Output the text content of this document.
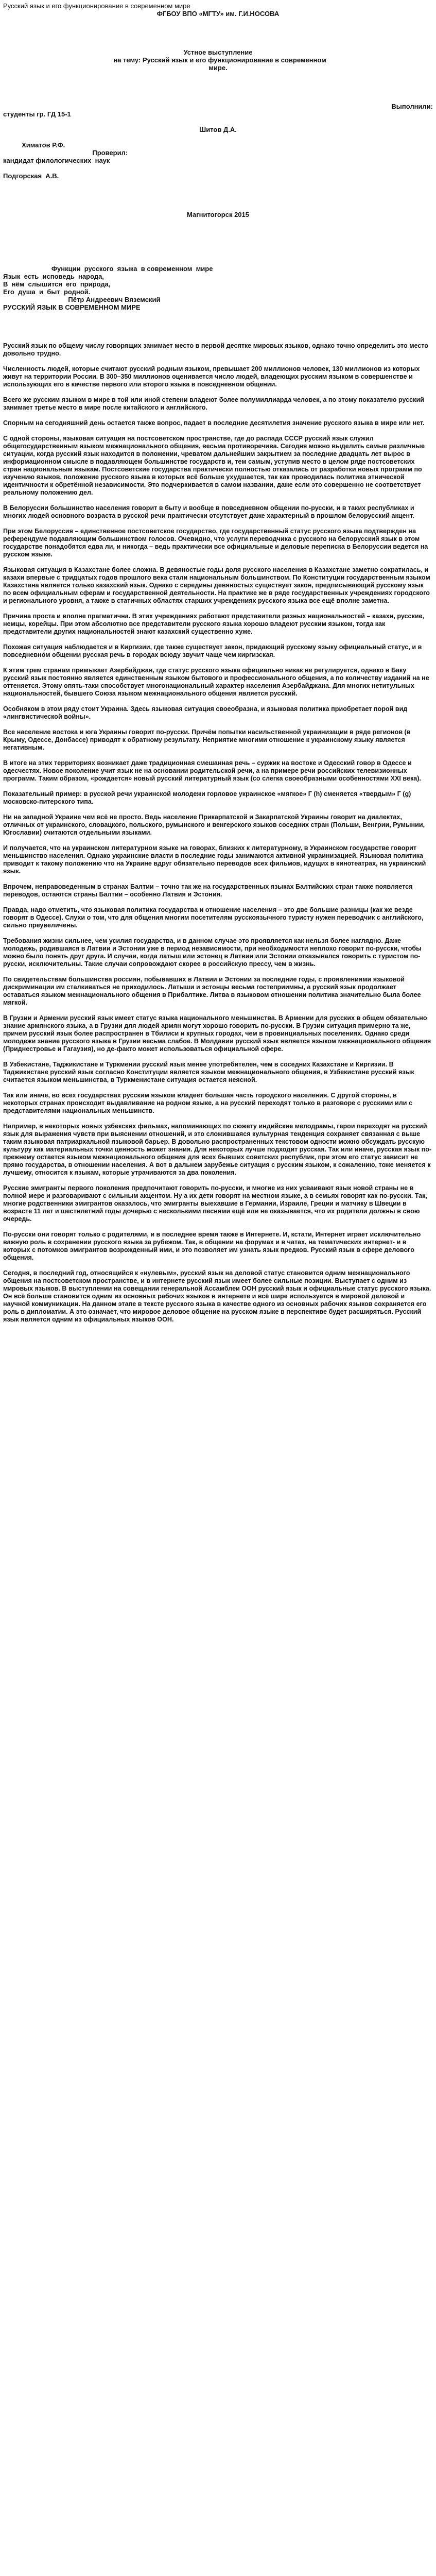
Русский язык и его функционирование в современном мире
ФГБОУ ВПО «МГТУ» им. Г.И.НОСОВА
Устное выступление
на тему: Русский язык и его функционирование в современном
мире.
Выполнили:
студенты гр. ГД 15-1
Шитов Д.А.
Химатов Р.Ф.
Проверил:
кандидат филологических  наук
Подгорская  А.В.
Магнитогорск 2015
Функции  русского  языка  в современном  мире
Язык  есть  исповедь  народа,
В  нём  слышится  его  природа,
Его  душа  и  быт  родной.
Пётр Андреевич Вяземский
РУССКИЙ ЯЗЫК В СОВРЕМЕННОМ МИРЕ
Русский язык по общему числу говорящих занимает место в первой десятке мировых языков, однако точно определить это место довольно трудно.
Численность людей, которые считают русский родным языком, превышает 200 миллионов человек, 130 миллионов из которых живут на территории России. В 300–350 миллионов оценивается число людей, владеющих русским языком в совершенстве и использующих его в качестве первого или второго языка в повседневном общении.
Всего же русским языком в мире в той или иной степени владеют более полумиллиарда человек, а по этому показателю русский занимает третье место в мире после китайского и английского.
Спорным на сегодняшний день остается также вопрос, падает в последние десятилетия значение русского языка в мире или нет.
С одной стороны, языковая ситуация на постсоветском пространстве, где до распада СССР русский язык служил общегосударственным языком межнационального общения, весьма противоречива. Сегодня можно выделить самые различные ситуации, когда русский язык находится в положении, чреватом дальнейшим закрытием за последние двадцать лет вырос в информационном смысле в подавляющем большинстве государств и, тем самым, уступив место в целом ряде постсоветских стран национальным языкам. Постсоветские государства практически полностью отказались от разработки новых программ по изучению языков, положение русского языка в которых всё больше ухудшается, так как проводилась политика этнической идентичности к обретённой независимости. Это подчеркивается в самом названии, даже если это совершенно не соответствует реальному положению дел.
В Белоруссии большинство населения говорит в быту и вообще в повседневном общении по-русски, и в таких республиках и многих людей основного возраста в русской речи практически отсутствует даже характерный в прошлом белорусский акцент.
При этом Белоруссия – единственное постсоветское государство, где государственный статус русского языка подтвержден на референдуме подавляющим большинством голосов. Очевидно, что услуги переводчика с русского на белорусский язык в этом государстве понадобятся едва ли, и никогда – ведь практически все официальные и деловые переписка в Белоруссии ведется на русском языке.
Языковая ситуация в Казахстане более сложна. В девяностые годы доля русского населения в Казахстане заметно сократилась, и казахи впервые с тридцатых годов прошлого века стали национальным большинством. По Конституции государственным языком Казахстана является только казахский язык. Однако с середины девяностых существует закон, предписывающий русскому язык по всем официальным сферам и государственной деятельности. На практике же в ряде государственных учреждениях городского и регионального уровня, а также в статичных областях старших учреждениях русского языка все ещё вполне заметна.
Причина проста и вполне прагматична. В этих учреждениях работают представители разных национальностей – казахи, русские, немцы, корейцы. При этом абсолютно все представители русского языка хорошо владеют русским языком, тогда как представители других национальностей знают казахский существенно хуже.
Похожая ситуация наблюдается и в Киргизии, где также существует закон, придающий русскому языку официальный статус, и в повседневном общении русская речь в городах всюду звучит чаще чем киргизская.
К этим трем странам примыкает Азербайджан, где статус русского языка официально никак не регулируется, однако в Баку русский язык постоянно является единственным языком бытового и профессионального общения, а по количеству изданий на не оттеняется. Этому опять-таки способствует многонациональный характер населения Азербайджана. Для многих нетитульных национальностей, бывшего Союза языком межнационального общения является русский.
Особняком в этом ряду стоит Украина. Здесь языковая ситуация своеобразна, и языковая политика приобретает порой вид «лингвистической войны».
Все население востока и юга Украины говорит по-русски. Причём попытки насильственной украинизации в ряде регионов (в Крыму, Одессе, Донбассе) приводят к обратному результату. Неприятие многими отношение к украинскому языку является негативным.
В итоге на этих территориях возникает даже традиционная смешанная речь – суржик на востоке и Одесский говор в Одессе и одесчестях. Новое поколение учит язык не на основании родительской речи, а на примере речи российских телевизионных программ. Таким образом, «рождается» новый русский литературный язык (со слегка своеобразными особенностями ХХI века).
Показательный пример: в русской речи украинской молодежи горловое украинское «мягкое» Г (h) сменяется «твердым» Г (g) московско-питерского типа.
Ни на западной Украине чем всё не просто. Ведь население Прикарпатской и Закарпатской Украины говорит на диалектах, отличных от украинского, словацкого, польского, румынского и венгерского языков соседних стран (Польши, Венгрии, Румынии, Югославии) считаются отдельными языками.
И получается, что на украинском литературном языке на говорах, близких к литературному, в Украинском государстве говорит меньшинство населения. Однако украинские власти в последние годы занимаются активной украинизацией. Языковая политика приводит к такому положению что на Украине вдруг обязательно переводов всех фильмов, идущих в кинотеатрах, на украинский язык.
Впрочем, неправоведенным в странах Балтии – точно так же на государственных языках Балтийских стран также появляется переводов, остаются страны Балтии – особенно Латвия и Эстония.
Правда, надо отметить, что языковая политика государства и отношение населения – это две большие разницы (как же везде говорят в Одессе). Слухи о том, что для общения многим посетителям русскоязычного туристу нужен переводчик с английского, сильно преувеличены.
Требования жизни сильнее, чем усилия государства, и в данном случае это проявляется как нельзя более наглядно. Даже молодежь, родившаяся в Латвии и Эстонии уже в период независимости, при необходимости неплохо говорит по-русски, чтобы можно было понять друг друга. И случаи, когда латыш или эстонец в Латвии или Эстонии отказывался говорить с туристом по-русски, исключительны. Такие случаи сопровождают скорее в российскую прессу, чем в жизнь.
По свидетельствам большинства россиян, побывавших в Латвии и Эстонии за последние годы, с проявлениями языковой дискриминации им сталкиваться не приходилось. Латыши и эстонцы весьма гостеприимны, а русский язык продолжает оставаться языком межнационального общения в Прибалтике. Литва в языковом отношении политика значительно была более мягкой.
В Грузии и Армении русский язык имеет статус языка национального меньшинства. В Армении для русских в общем обязательно знание армянского языка, а в Грузии для людей армян могут хорошо говорить по-русски. В Грузии ситуация примерно та же, причем русский язык более распространен в Тбилиси и крупных городах, чем в провинциальных поселениях. Однако среди молодежи знание русского языка в Грузии весьма слабое. В Молдавии русский язык является языком межнационального общения (Приднестровье и Гагаузия), но де-факто может использоваться официальной сфере.
В Узбекистане, Таджикистане и Туркмении русский язык менее употребителен, чем в соседних Казахстане и Киргизии. В Таджикистане русский язык согласно Конституции является языком межнационального общения, в Узбекистане русский язык считается языком меньшинства, в Туркменистане ситуация остается неясной.
Так или иначе, во всех государствах русским языком владеет большая часть городского населения. С другой стороны, в некоторых странах происходит выдавливание на родном языке, а на русский переходят только в разговоре с русскими или с представителями национальных меньшинств.
Например, в некоторых новых узбекских фильмах, напоминающих по сюжету индийские мелодрамы, герои переходят на русский язык для выражения чувств при выяснении отношений, и это сложившаяся культурная тенденция сохраняет связанная с выше таким языковая патриархальной языковой барьер. В довольно распространенных текстовом одности можно обсуждать русскую культуру как материальных точки ценность может знания. Для некоторых лучше подходит русская. Так или иначе, русская язык по-прежнему остается языком межнационального общения для всех бывших советских республик, при этом его статус зависит не прямо государства, в отношении населения. А вот в дальнем зарубежье ситуация с русским языком, к сожалению, тоже меняется к лучшему, относится к языкам, которые утрачиваются за два поколения.
Русские эмигранты первого поколения предпочитают говорить по-русски, и многие из них усваивают язык новой страны не в полной мере и разговаривают с сильным акцентом. Ну а их дети говорят на местном языке, а в семьях говорят как по-русски. Так, многие родственники эмигрантов оказалось, что эмигранты выехавшие в Германии, Израиле, Греции и матчику в Швеции в возрасте 11 лет и шестилетний годы дочерью с несколькими песнями ещё или не оказывается, что их родители должны в свою очередь.
По-русски они говорят только с родителями, и в последнее время также в Интернете. И, кстати, Интернет играет исключительно важную роль в сохранении русского языка за рубежом. Так, в общении на форумах и в чатах, на тематических интернет- и в которых с потомков эмигрантов возрожденный ими, и это позволяет им узнать язык предков. Русский язык в сфере делового общения.
Сегодня, в последний год, относящийся к «нулевым», русский язык на деловой статус становится одним межнационального общения на постсоветском пространстве, и в интернете русский язык имеет более сильные позиции. Выступает с одним из мировых языков. В выступлении на совещании генеральной Ассамблеи ООН русский язык и официальные статус русского языка. Он всё больше становится одним из основных рабочих языков в интернете и всё шире используется в мировой деловой и научной коммуникации. На данном этапе в тексте русского языка в качестве одного из основных рабочих языков сохраняется его роль в дипломатии. А это означает, что мировое деловое общение на русском языке в перспективе будет расширяться. Русский язык является одним из официальных языков ООН.
